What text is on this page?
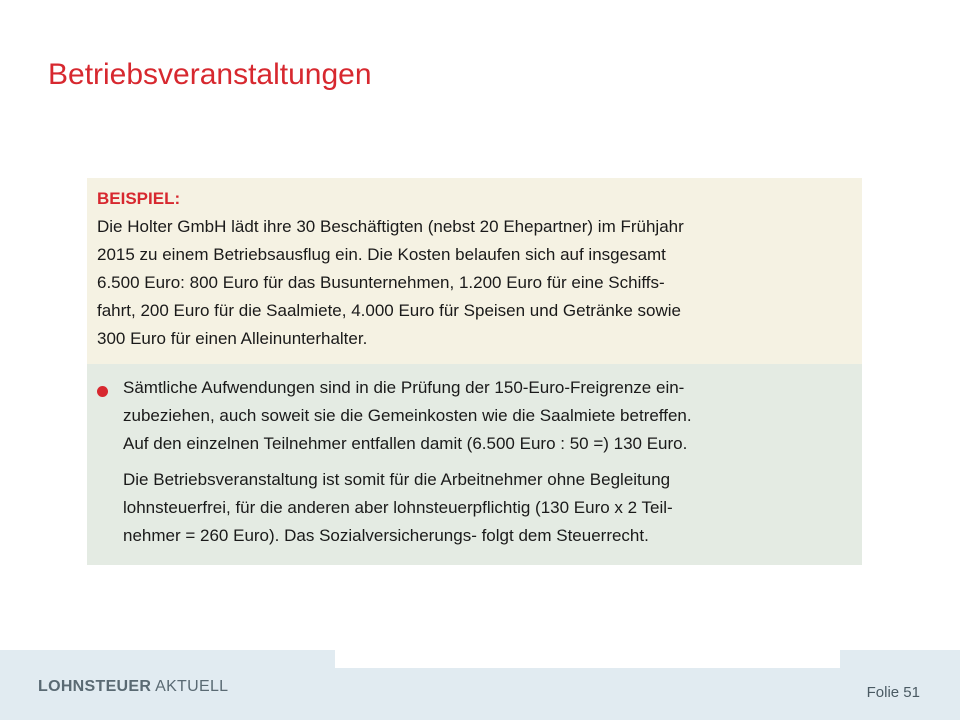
Betriebsveranstaltungen
BEISPIEL:
Die Holter GmbH lädt ihre 30 Beschäftigten (nebst 20 Ehepartner) im Frühjahr
2015 zu einem Betriebsausflug ein. Die Kosten belaufen sich auf insgesamt
6.500 Euro: 800 Euro für das Busunternehmen, 1.200 Euro für eine Schiffs-
fahrt, 200 Euro für die Saalmiete, 4.000 Euro für Speisen und Getränke sowie
300 Euro für einen Alleinunterhalter.
Sämtliche Aufwendungen sind in die Prüfung der 150-Euro-Freigrenze ein-
zubeziehen, auch soweit sie die Gemeinkosten wie die Saalmiete betreffen.
Auf den einzelnen Teilnehmer entfallen damit (6.500 Euro : 50 =) 130 Euro.
Die Betriebsveranstaltung ist somit für die Arbeitnehmer ohne Begleitung
lohnsteuerfrei, für die anderen aber lohnsteuerpflichtig (130 Euro x 2 Teil-
nehmer = 260 Euro). Das Sozialversicherungs- folgt dem Steuerrecht.
LOHNSTEUER AKTUELL	Folie 51
